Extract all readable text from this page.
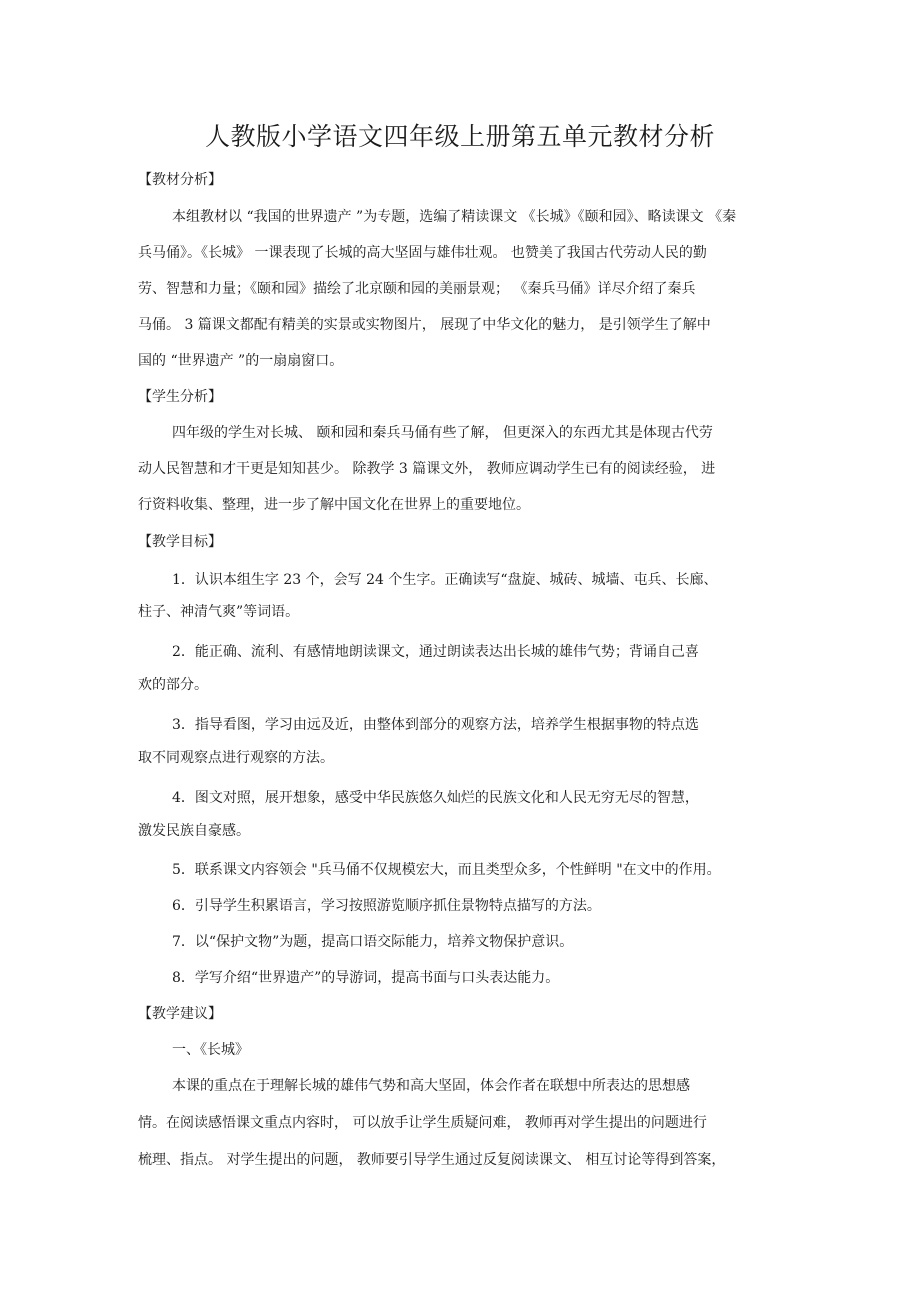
人教版小学语文四年级上册第五单元教材分析
【教材分析】
本组教材以 “我国的世界遗产 ”为专题，选编了精读课文 《长城》《颐和园》、略读课文 《秦
兵马俑》。《长城》 一课表现了长城的高大坚固与雄伟壮观。 也赞美了我国古代劳动人民的勤
劳、智慧和力量；《颐和园》描绘了北京颐和园的美丽景观； 《秦兵马俑》详尽介绍了秦兵
马俑。 3 篇课文都配有精美的实景或实物图片， 展现了中华文化的魅力， 是引领学生了解中
国的 “世界遗产 ”的一扇扇窗口。
【学生分析】
四年级的学生对长城、 颐和园和秦兵马俑有些了解， 但更深入的东西尤其是体现古代劳
动人民智慧和才干更是知知甚少。 除教学 3 篇课文外， 教师应调动学生已有的阅读经验， 进
行资料收集、整理，进一步了解中国文化在世界上的重要地位。
【教学目标】
1．认识本组生字 23 个，会写 24 个生字。正确读写“盘旋、城砖、城墙、屯兵、长廊、
柱子、神清气爽”等词语。
2．能正确、流利、有感情地朗读课文，通过朗读表达出长城的雄伟气势；背诵自己喜
欢的部分。
3．指导看图，学习由远及近，由整体到部分的观察方法，培养学生根据事物的特点选
取不同观察点进行观察的方法。
4．图文对照，展开想象，感受中华民族悠久灿烂的民族文化和人民无穷无尽的智慧，
激发民族自豪感。
5．联系课文内容领会 "兵马俑不仅规模宏大，而且类型众多，个性鲜明 "在文中的作用。
6．引导学生积累语言，学习按照游览顺序抓住景物特点描写的方法。
7．以“保护文物”为题，提高口语交际能力，培养文物保护意识。
8．学写介绍“世界遗产”的导游词，提高书面与口头表达能力。
【教学建议】
一、《长城》
本课的重点在于理解长城的雄伟气势和高大坚固，体会作者在联想中所表达的思想感
情。在阅读感悟课文重点内容时， 可以放手让学生质疑问难， 教师再对学生提出的问题进行
梳理、指点。 对学生提出的问题， 教师要引导学生通过反复阅读课文、 相互讨论等得到答案，
